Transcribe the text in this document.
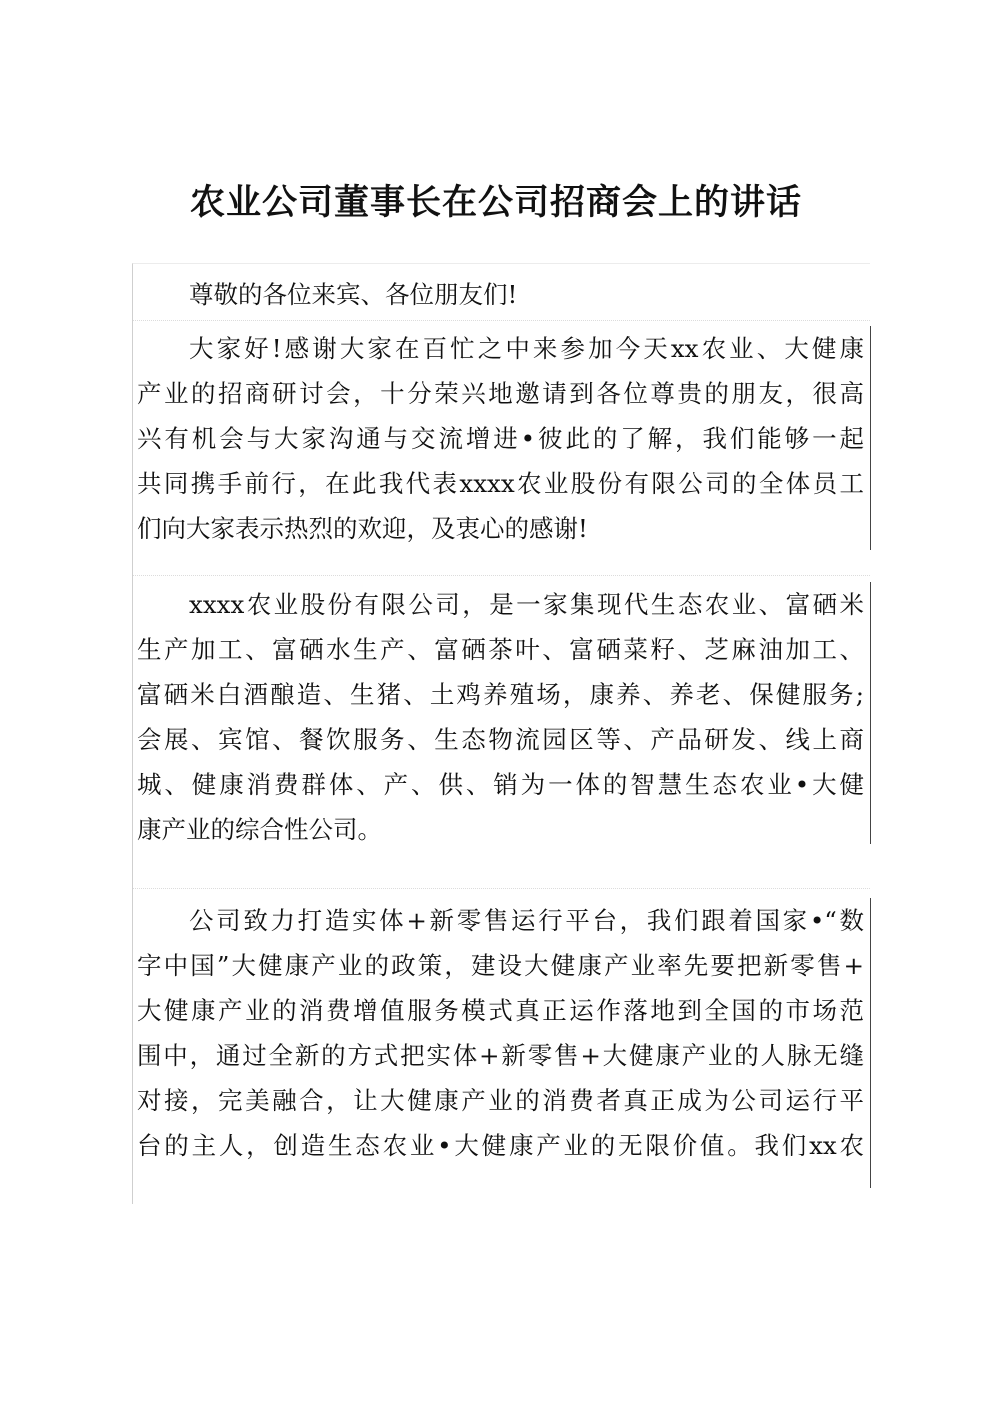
农业公司董事长在公司招商会上的讲话
尊敬的各位来宾、各位朋友们!
大家好!感谢大家在百忙之中来参加今天xx农业、大健康
产业的招商研讨会，十分荣兴地邀请到各位尊贵的朋友，很高
兴有机会与大家沟通与交流增进•彼此的了解，我们能够一起
共同携手前行，在此我代表xxxx农业股份有限公司的全体员工
们向大家表示热烈的欢迎，及衷心的感谢!
xxxx农业股份有限公司，是一家集现代生态农业、富硒米
生产加工、富硒水生产、富硒茶叶、富硒菜籽、芝麻油加工、
富硒米白酒酿造、生猪、土鸡养殖场，康养、养老、保健服务;
会展、宾馆、餐饮服务、生态物流园区等、产品研发、线上商
城、健康消费群体、产、供、销为一体的智慧生态农业•大健
康产业的综合性公司。
公司致力打造实体+新零售运行平台，我们跟着国家•“数
字中国”大健康产业的政策，建设大健康产业率先要把新零售+
大健康产业的消费增值服务模式真正运作落地到全国的市场范
围中，通过全新的方式把实体+新零售+大健康产业的人脉无缝
对接，完美融合，让大健康产业的消费者真正成为公司运行平
台的主人，创造生态农业•大健康产业的无限价值。我们xx农
